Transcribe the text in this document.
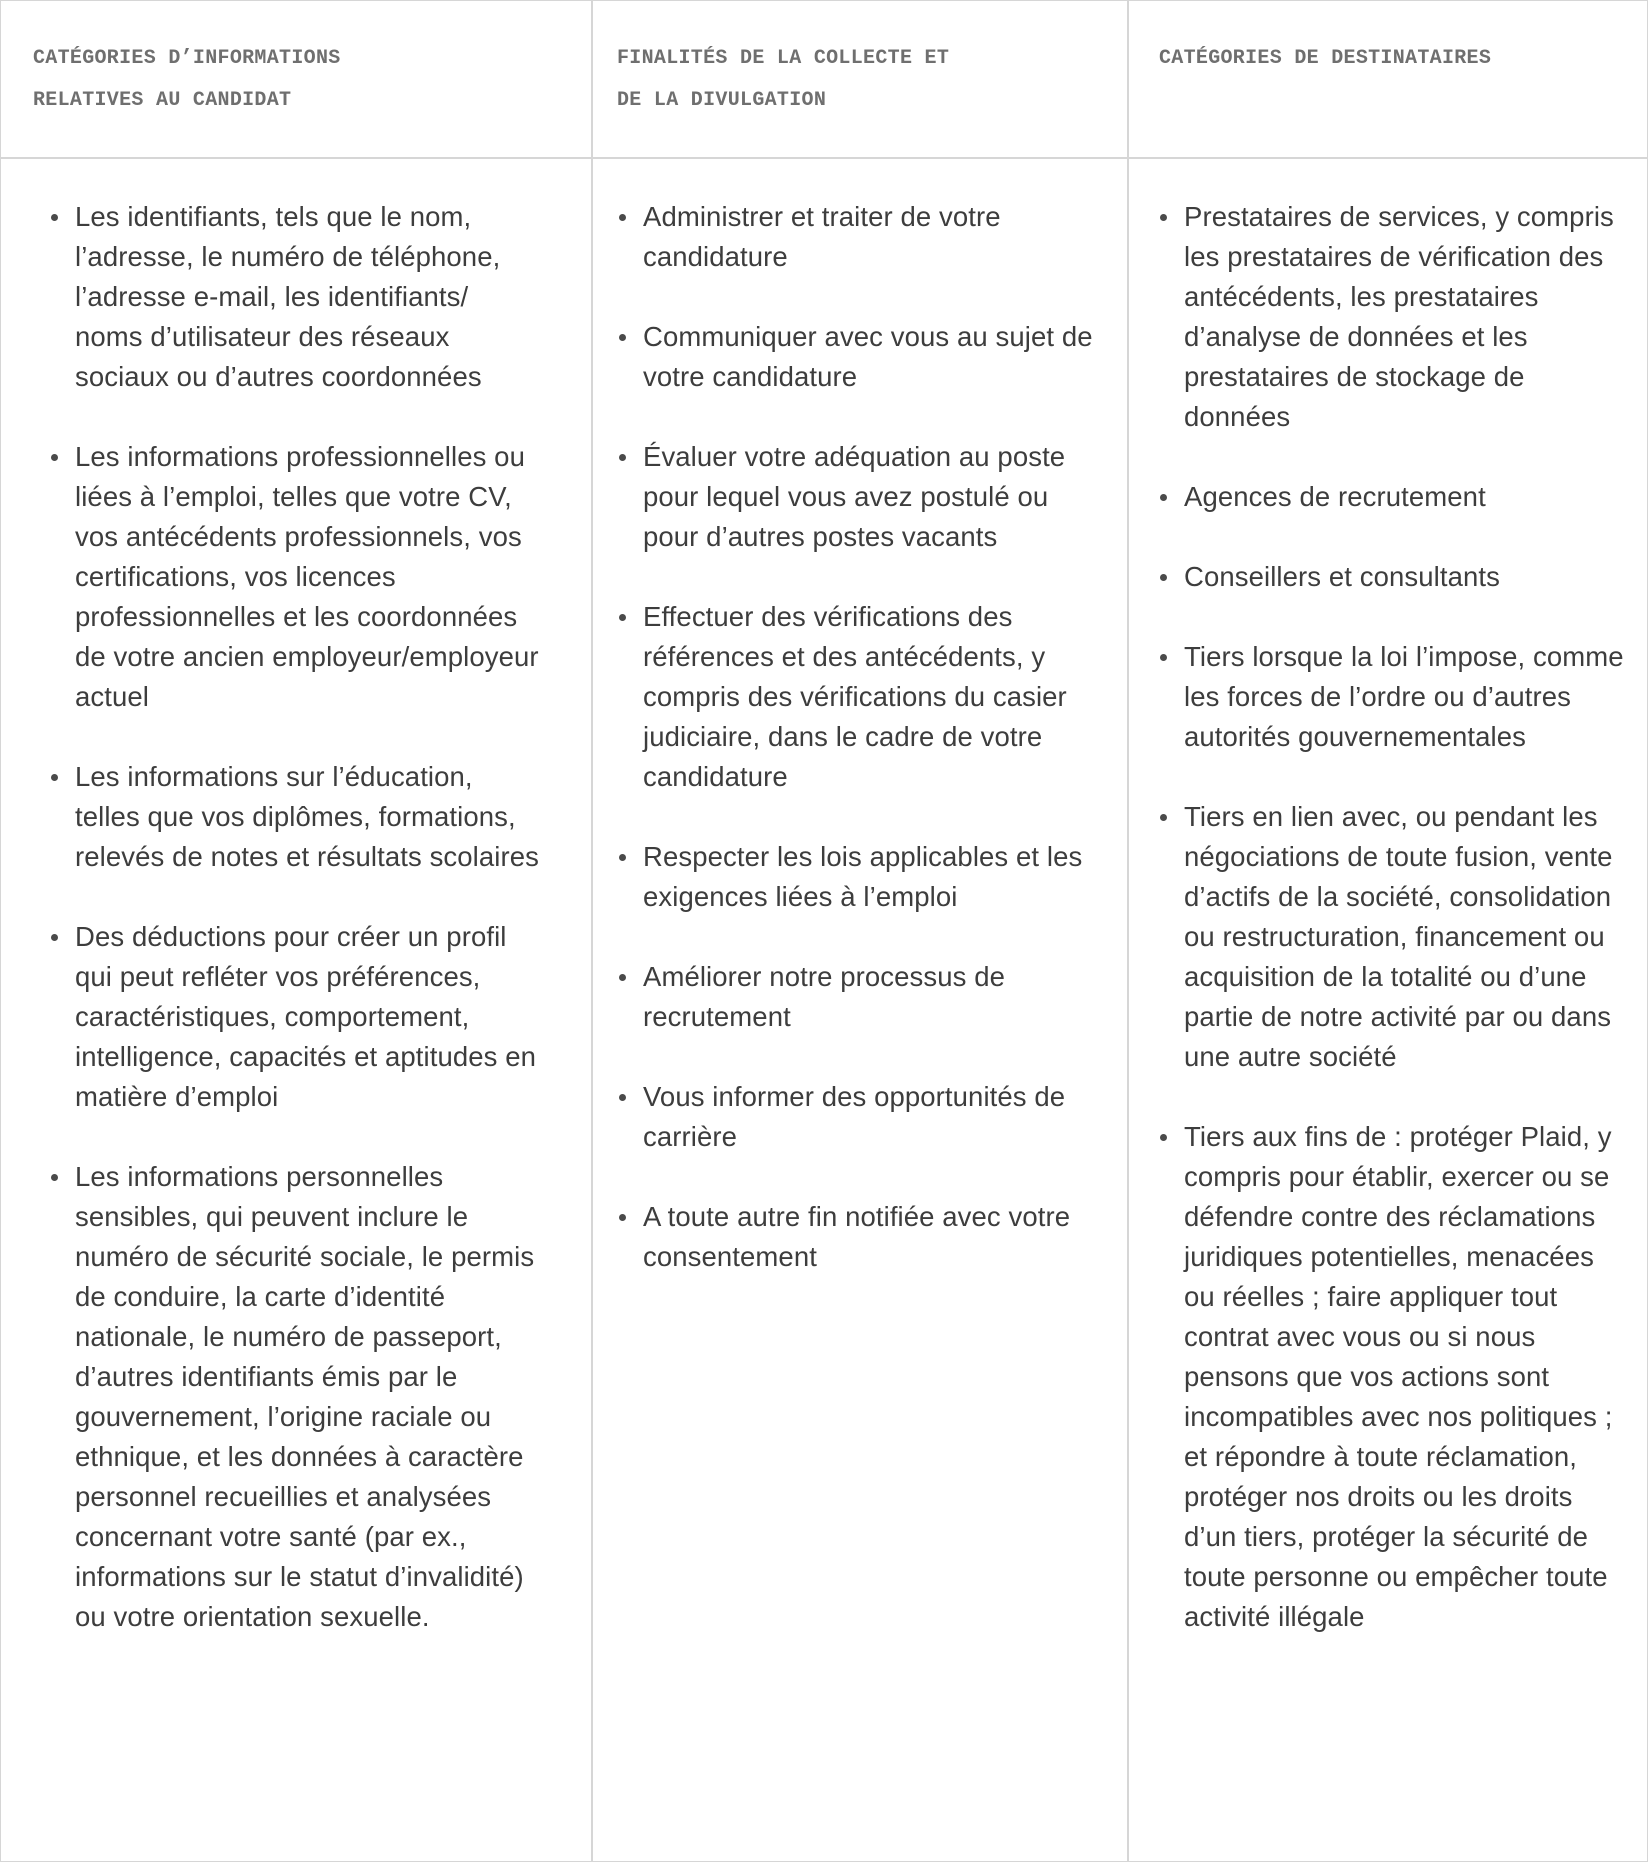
CATÉGORIES D’INFORMATIONS
RELATIVES AU CANDIDAT
FINALITÉS DE LA COLLECTE ET
DE LA DIVULGATION
CATÉGORIES DE DESTINATAIRES
Les identifiants, tels que le nom, l’adresse, le numéro de téléphone, l’adresse e-mail, les identifiants/ noms d’utilisateur des réseaux sociaux ou d’autres coordonnées
Les informations professionnelles ou liées à l’emploi, telles que votre CV, vos antécédents professionnels, vos certifications, vos licences professionnelles et les coordonnées de votre ancien employeur/employeur actuel
Les informations sur l’éducation, telles que vos diplômes, formations, relevés de notes et résultats scolaires
Des déductions pour créer un profil qui peut refléter vos préférences, caractéristiques, comportement, intelligence, capacités et aptitudes en matière d’emploi
Les informations personnelles sensibles, qui peuvent inclure le numéro de sécurité sociale, le permis de conduire, la carte d’identité nationale, le numéro de passeport, d’autres identifiants émis par le gouvernement, l’origine raciale ou ethnique, et les données à caractère personnel recueillies et analysées concernant votre santé (par ex., informations sur le statut d’invalidité) ou votre orientation sexuelle.
Administrer et traiter de votre candidature
Communiquer avec vous au sujet de votre candidature
Évaluer votre adéquation au poste pour lequel vous avez postulé ou pour d’autres postes vacants
Effectuer des vérifications des références et des antécédents, y compris des vérifications du casier judiciaire, dans le cadre de votre candidature
Respecter les lois applicables et les exigences liées à l’emploi
Améliorer notre processus de recrutement
Vous informer des opportunités de carrière
A toute autre fin notifiée avec votre consentement
Prestataires de services, y compris les prestataires de vérification des antécédents, les prestataires d’analyse de données et les prestataires de stockage de données
Agences de recrutement
Conseillers et consultants
Tiers lorsque la loi l’impose, comme les forces de l’ordre ou d’autres autorités gouvernementales
Tiers en lien avec, ou pendant les négociations de toute fusion, vente d’actifs de la société, consolidation ou restructuration, financement ou acquisition de la totalité ou d’une partie de notre activité par ou dans une autre société
Tiers aux fins de : protéger Plaid, y compris pour établir, exercer ou se défendre contre des réclamations juridiques potentielles, menacées ou réelles ; faire appliquer tout contrat avec vous ou si nous pensons que vos actions sont incompatibles avec nos politiques ; et répondre à toute réclamation, protéger nos droits ou les droits d’un tiers, protéger la sécurité de toute personne ou empêcher toute activité illégale
